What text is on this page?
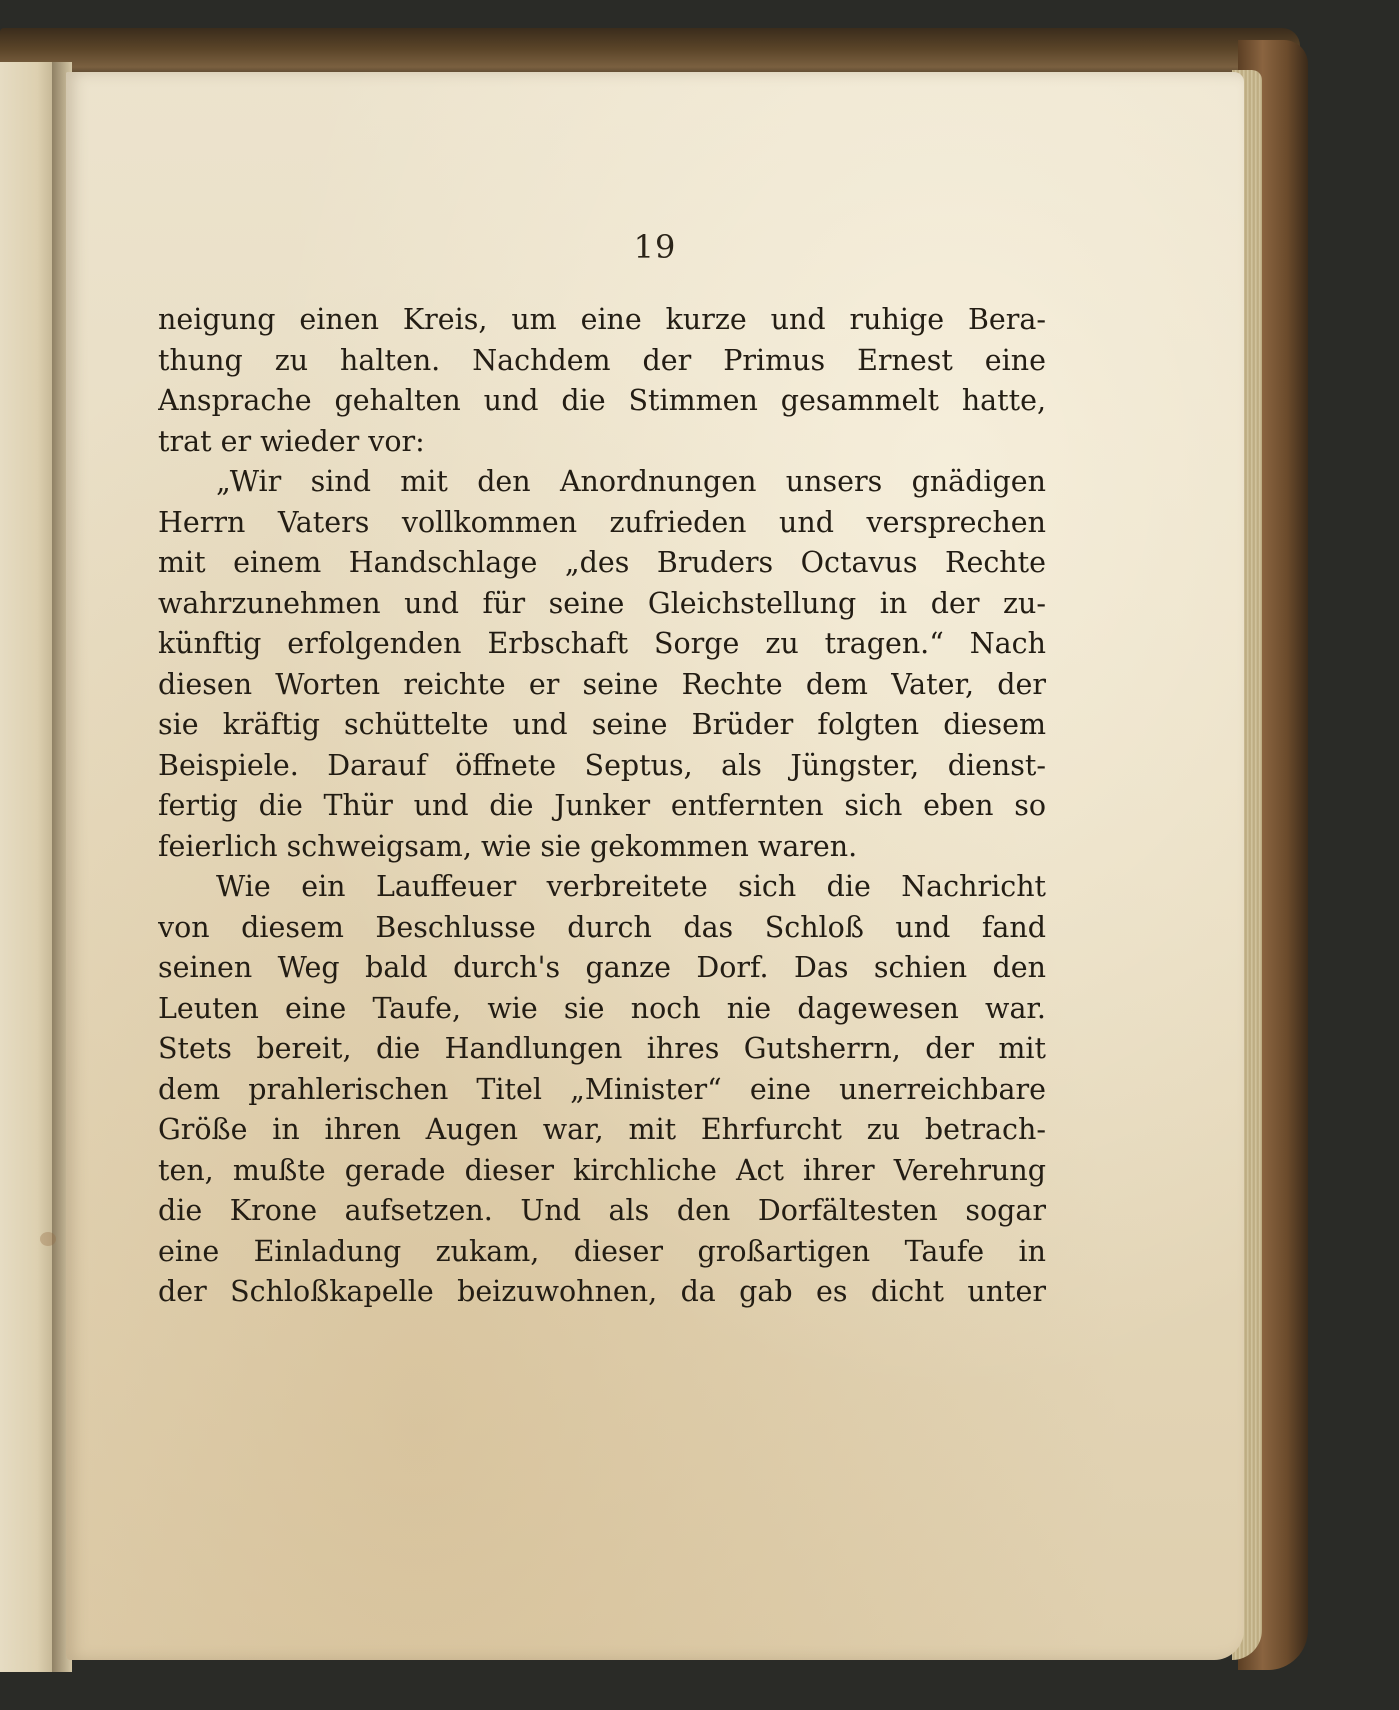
19
neigung einen Kreis, um eine kurze und ruhige Bera-
thung zu halten. Nachdem der Primus Ernest eine
Ansprache gehalten und die Stimmen gesammelt hatte,
trat er wieder vor:
„Wir sind mit den Anordnungen unsers gnädigen
Herrn Vaters vollkommen zufrieden und versprechen
mit einem Handschlage „des Bruders Octavus Rechte
wahrzunehmen und für seine Gleichstellung in der zu-
künftig erfolgenden Erbschaft Sorge zu tragen.“ Nach
diesen Worten reichte er seine Rechte dem Vater, der
sie kräftig schüttelte und seine Brüder folgten diesem
Beispiele. Darauf öffnete Septus, als Jüngster, dienst-
fertig die Thür und die Junker entfernten sich eben so
feierlich schweigsam, wie sie gekommen waren.
Wie ein Lauffeuer verbreitete sich die Nachricht
von diesem Beschlusse durch das Schloß und fand
seinen Weg bald durch's ganze Dorf. Das schien den
Leuten eine Taufe, wie sie noch nie dagewesen war.
Stets bereit, die Handlungen ihres Gutsherrn, der mit
dem prahlerischen Titel „Minister“ eine unerreichbare
Größe in ihren Augen war, mit Ehrfurcht zu betrach-
ten, mußte gerade dieser kirchliche Act ihrer Verehrung
die Krone aufsetzen. Und als den Dorfältesten sogar
eine Einladung zukam, dieser großartigen Taufe in
der Schloßkapelle beizuwohnen, da gab es dicht unter
